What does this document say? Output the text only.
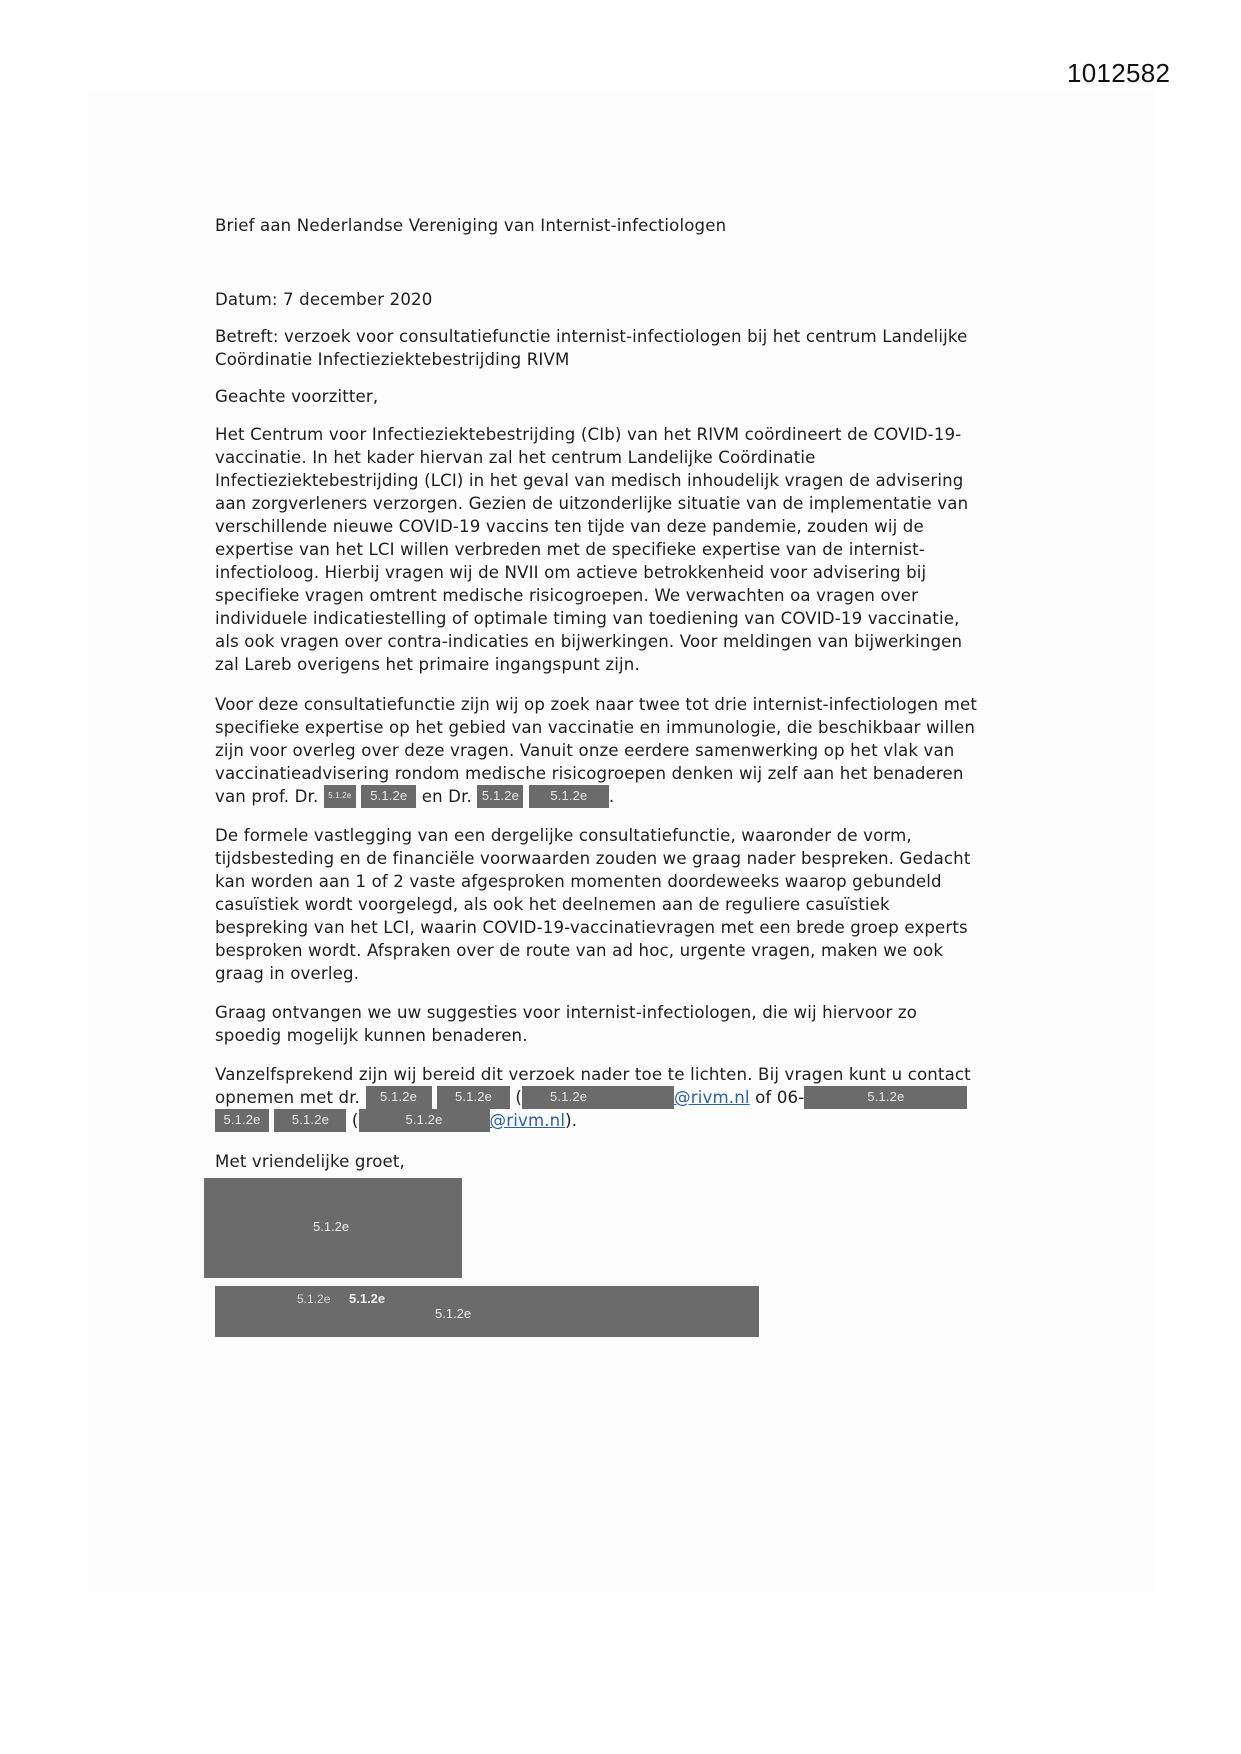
1012582
Brief aan Nederlandse Vereniging van Internist-infectiologen
Datum: 7 december 2020
Betreft: verzoek voor consultatiefunctie internist-infectiologen bij het centrum Landelijke
Coördinatie Infectieziektebestrijding RIVM
Geachte voorzitter,
Het Centrum voor Infectieziektebestrijding (CIb) van het RIVM coördineert de COVID-19-
vaccinatie. In het kader hiervan zal het centrum Landelijke Coördinatie
Infectieziektebestrijding (LCI) in het geval van medisch inhoudelijk vragen de advisering
aan zorgverleners verzorgen. Gezien de uitzonderlijke situatie van de implementatie van
verschillende nieuwe COVID-19 vaccins ten tijde van deze pandemie, zouden wij de
expertise van het LCI willen verbreden met de specifieke expertise van de internist-
infectioloog. Hierbij vragen wij de NVII om actieve betrokkenheid voor advisering bij
specifieke vragen omtrent medische risicogroepen. We verwachten oa vragen over
individuele indicatiestelling of optimale timing van toediening van COVID-19 vaccinatie,
als ook vragen over contra-indicaties en bijwerkingen. Voor meldingen van bijwerkingen
zal Lareb overigens het primaire ingangspunt zijn.
Voor deze consultatiefunctie zijn wij op zoek naar twee tot drie internist-infectiologen met
specifieke expertise op het gebied van vaccinatie en immunologie, die beschikbaar willen
zijn voor overleg over deze vragen. Vanuit onze eerdere samenwerking op het vlak van
vaccinatieadvisering rondom medische risicogroepen denken wij zelf aan het benaderen
van prof. Dr. 5.1.2e 5.1.2e en Dr. 5.1.2e 5.1.2e .
De formele vastlegging van een dergelijke consultatiefunctie, waaronder de vorm,
tijdsbesteding en de financiële voorwaarden zouden we graag nader bespreken. Gedacht
kan worden aan 1 of 2 vaste afgesproken momenten doordeweeks waarop gebundeld
casuïstiek wordt voorgelegd, als ook het deelnemen aan de reguliere casuïstiek
bespreking van het LCI, waarin COVID-19-vaccinatievragen met een brede groep experts
besproken wordt. Afspraken over de route van ad hoc, urgente vragen, maken we ook
graag in overleg.
Graag ontvangen we uw suggesties voor internist-infectiologen, die wij hiervoor zo
spoedig mogelijk kunnen benaderen.
Vanzelfsprekend zijn wij bereid dit verzoek nader toe te lichten. Bij vragen kunt u contact
opnemen met dr. 5.1.2e	5.1.2e ( 5.1.2e	@rivm.nl of 06-	5.1.2e
5.1.2e 5.1.2e (	5.1.2e	@rivm.nl).
Met vriendelijke groet,
5.1.2e
5.1.2e 5.1.2e
5.1.2e
